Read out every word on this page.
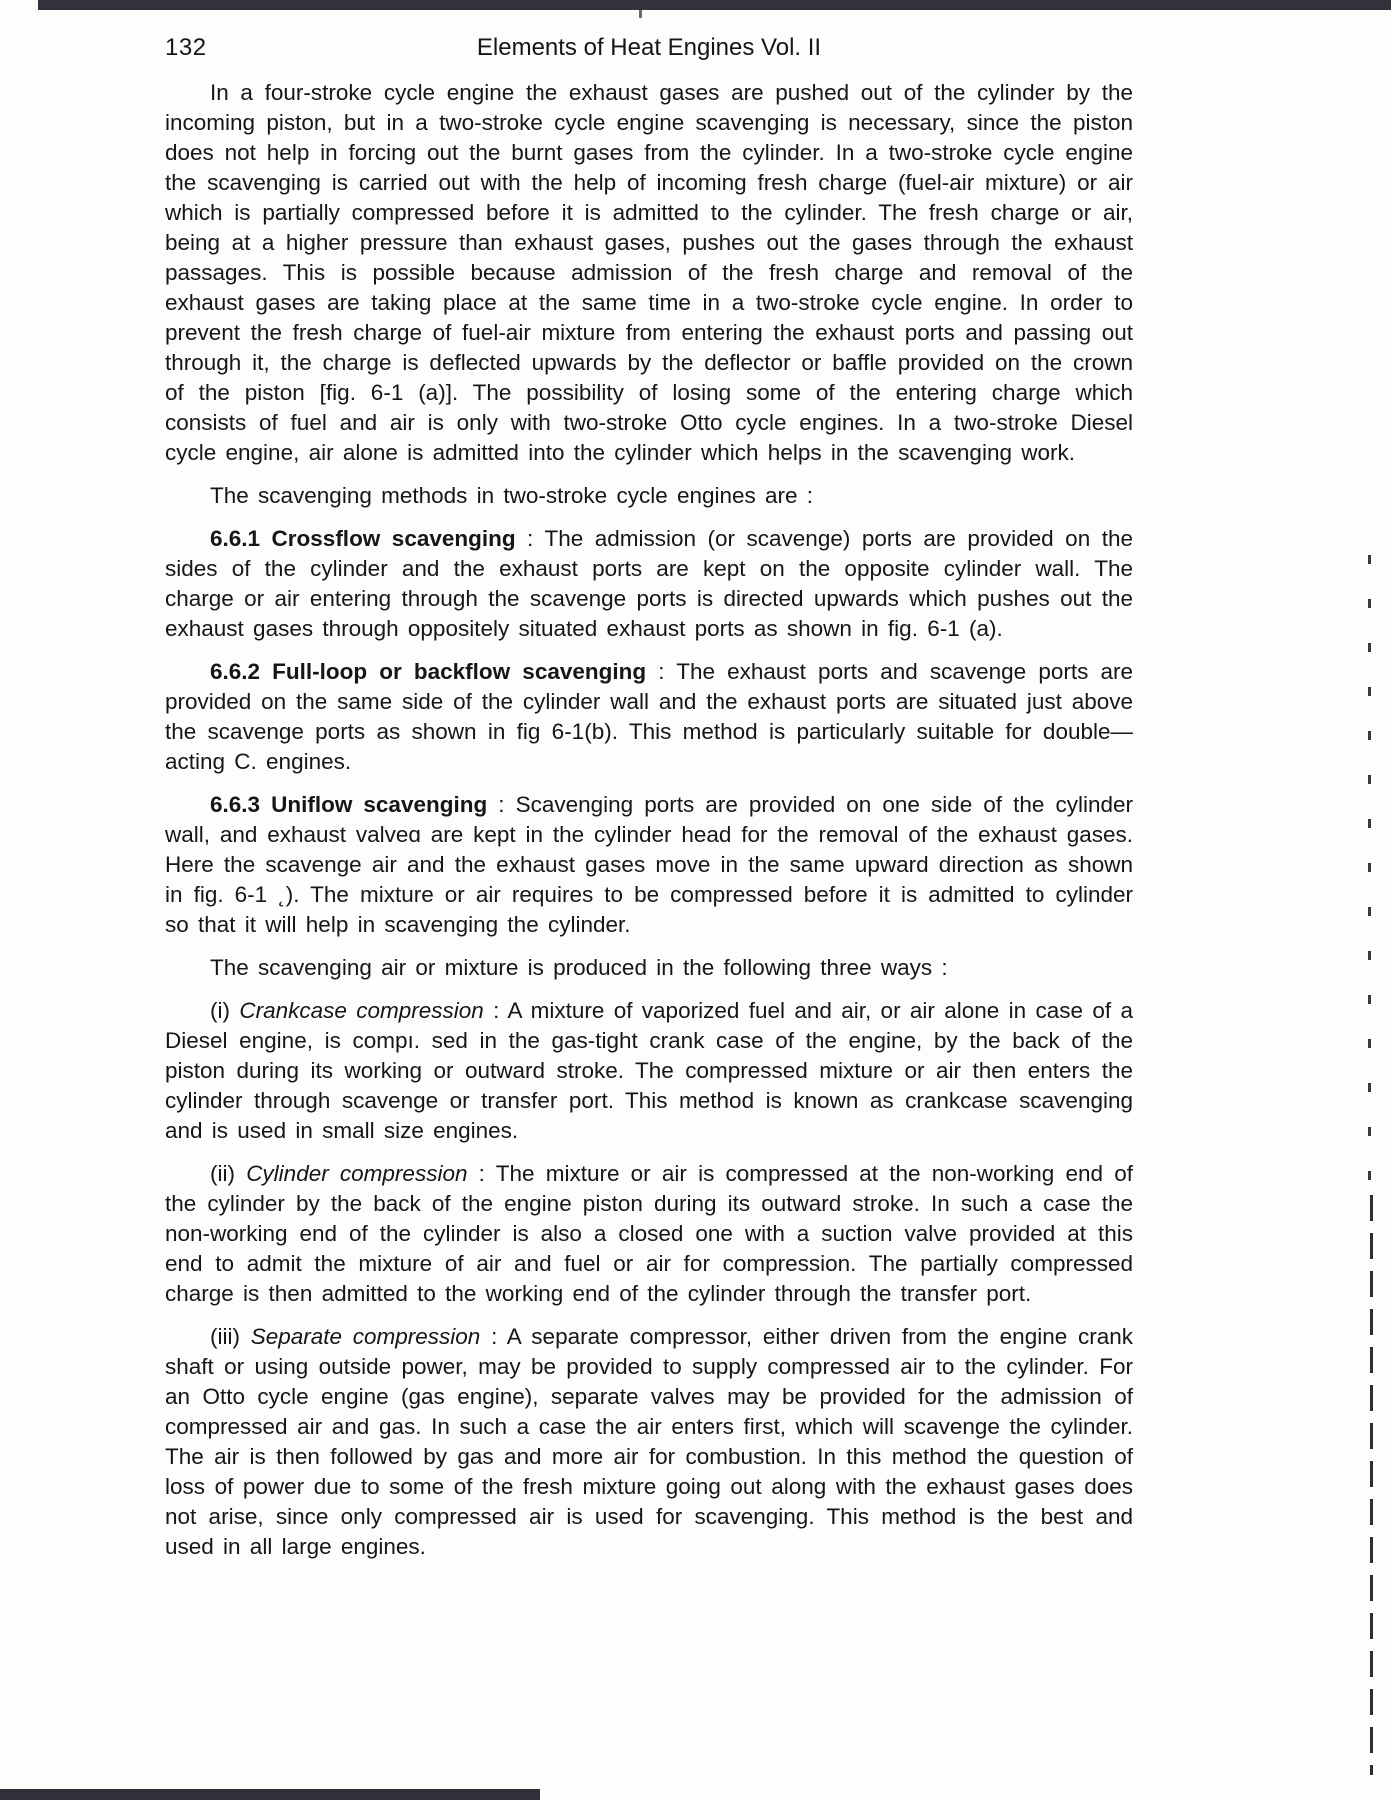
132	Elements of Heat Engines Vol. II

In a four-stroke cycle engine the exhaust gases are pushed out of the cylinder by the incoming piston, but in a two-stroke cycle engine scavenging is necessary, since the piston does not help in forcing out the burnt gases from the cylinder. In a two-stroke cycle engine the scavenging is carried out with the help of incoming fresh charge (fuel-air mixture) or air which is partially compressed before it is admitted to the cylinder. The fresh charge or air, being at a higher pressure than exhaust gases, pushes out the gases through the exhaust passages. This is possible because admission of the fresh charge and removal of the exhaust gases are taking place at the same time in a two-stroke cycle engine. In order to prevent the fresh charge of fuel-air mixture from entering the exhaust ports and passing out through it, the charge is deflected upwards by the deflector or baffle provided on the crown of the piston [fig. 6-1 (a)]. The possibility of losing some of the entering charge which consists of fuel and air is only with two-stroke Otto cycle engines. In a two-stroke Diesel cycle engine, air alone is admitted into the cylinder which helps in the scavenging work.

The scavenging methods in two-stroke cycle engines are :

6.6.1 Crossflow scavenging : The admission (or scavenge) ports are provided on the sides of the cylinder and the exhaust ports are kept on the opposite cylinder wall. The charge or air entering through the scavenge ports is directed upwards which pushes out the exhaust gases through oppositely situated exhaust ports as shown in fig. 6-1 (a).

6.6.2 Full-loop or backflow scavenging : The exhaust ports and scavenge ports are provided on the same side of the cylinder wall and the exhaust ports are situated just above the scavenge ports as shown in fig 6-1(b). This method is particularly suitable for double—acting C. engines.

6.6.3 Uniflow scavenging : Scavenging ports are provided on one side of the cylinder wall, and exhaust valveɑ are kept in the cylinder head for the removal of the exhaust gases. Here the scavenge air and the exhaust gases move in the same upward direction as shown in fig. 6-1 ˛). The mixture or air requires to be compressed before it is admitted to cylinder so that it will help in scavenging the cylinder.

The scavenging air or mixture is produced in the following three ways :

(i) Crankcase compression : A mixture of vaporized fuel and air, or air alone in case of a Diesel engine, is compı. sed in the gas-tight crank case of the engine, by the back of the piston during its working or outward stroke. The compressed mixture or air then enters the cylinder through scavenge or transfer port. This method is known as crankcase scavenging and is used in small size engines.

(ii) Cylinder compression : The mixture or air is compressed at the non-working end of the cylinder by the back of the engine piston during its outward stroke. In such a case the non-working end of the cylinder is also a closed one with a suction valve provided at this end to admit the mixture of air and fuel or air for compression. The partially compressed charge is then admitted to the working end of the cylinder through the transfer port.

(iii) Separate compression : A separate compressor, either driven from the engine crank shaft or using outside power, may be provided to supply compressed air to the cylinder. For an Otto cycle engine (gas engine), separate valves may be provided for the admission of compressed air and gas. In such a case the air enters first, which will scavenge the cylinder. The air is then followed by gas and more air for combustion. In this method the question of loss of power due to some of the fresh mixture going out along with the exhaust gases does not arise, since only compressed air is used for scavenging. This method is the best and used in all large engines.
